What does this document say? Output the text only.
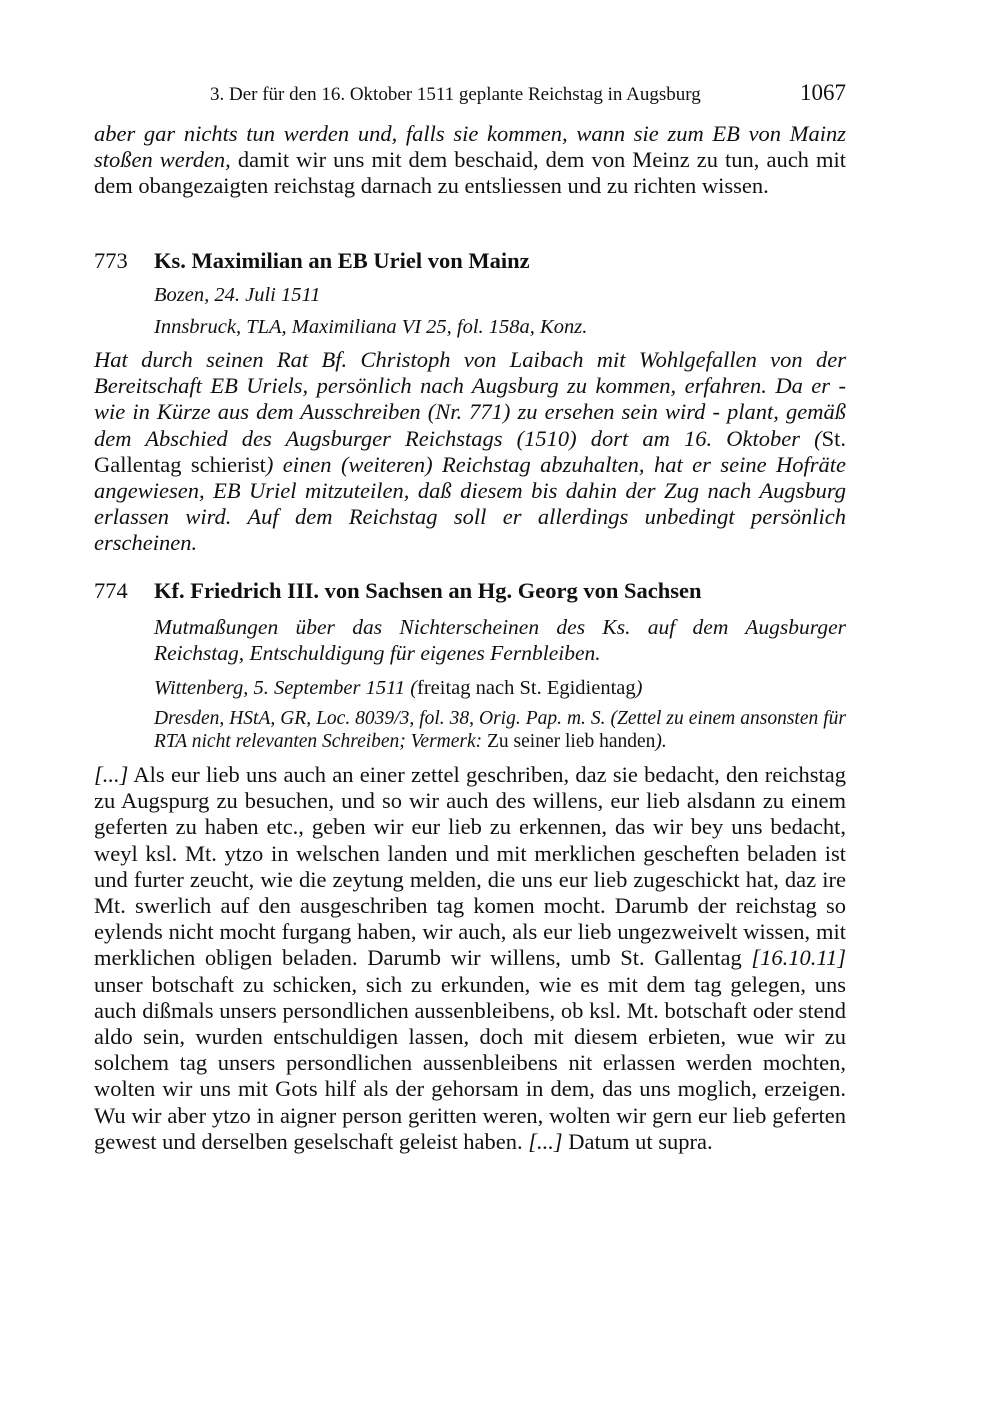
3. Der für den 16. Oktober 1511 geplante Reichstag in Augsburg	1067

aber gar nichts tun werden und, falls sie kommen, wann sie zum EB von Mainz stoßen werden, damit wir uns mit dem beschaid, dem von Meinz zu tun, auch mit dem obangezaigten reichstag darnach zu entsliessen und zu richten wissen.

773 Ks. Maximilian an EB Uriel von Mainz
Bozen, 24. Juli 1511
Innsbruck, TLA, Maximiliana VI 25, fol. 158a, Konz.

Hat durch seinen Rat Bf. Christoph von Laibach mit Wohlgefallen von der Bereitschaft EB Uriels, persönlich nach Augsburg zu kommen, erfahren. Da er - wie in Kürze aus dem Ausschreiben (Nr. 771) zu ersehen sein wird - plant, gemäß dem Abschied des Augsburger Reichstags (1510) dort am 16. Oktober (St. Gallentag schierist) einen (weiteren) Reichstag abzuhalten, hat er seine Hofräte angewiesen, EB Uriel mitzuteilen, daß diesem bis dahin der Zug nach Augsburg erlassen wird. Auf dem Reichstag soll er allerdings unbedingt persönlich erscheinen.

774 Kf. Friedrich III. von Sachsen an Hg. Georg von Sachsen
Mutmaßungen über das Nichterscheinen des Ks. auf dem Augsburger Reichstag, Entschuldigung für eigenes Fernbleiben.
Wittenberg, 5. September 1511 (freitag nach St. Egidientag)
Dresden, HStA, GR, Loc. 8039/3, fol. 38, Orig. Pap. m. S. (Zettel zu einem ansonsten für RTA nicht relevanten Schreiben; Vermerk: Zu seiner lieb handen).

[...] Als eur lieb uns auch an einer zettel geschriben, daz sie bedacht, den reichstag zu Augspurg zu besuchen, und so wir auch des willens, eur lieb alsdann zu einem geferten zu haben etc., geben wir eur lieb zu erkennen, das wir bey uns bedacht, weyl ksl. Mt. ytzo in welschen landen und mit merklichen gescheften beladen ist und furter zeucht, wie die zeytung melden, die uns eur lieb zugeschickt hat, daz ire Mt. swerlich auf den ausgeschriben tag komen mocht. Darumb der reichstag so eylends nicht mocht furgang haben, wir auch, als eur lieb ungezweivelt wissen, mit merklichen obligen beladen. Darumb wir willens, umb St. Gallentag [16.10.11] unser botschaft zu schicken, sich zu erkunden, wie es mit dem tag gelegen, uns auch dißmals unsers persondlichen aussenbleibens, ob ksl. Mt. botschaft oder stend aldo sein, wurden entschuldigen lassen, doch mit diesem erbieten, wue wir zu solchem tag unsers persondlichen aussenbleibens nit erlassen werden mochten, wolten wir uns mit Gots hilf als der gehorsam in dem, das uns moglich, erzeigen. Wu wir aber ytzo in aigner person geritten weren, wolten wir gern eur lieb geferten gewest und derselben geselschaft geleist haben. [...] Datum ut supra.
